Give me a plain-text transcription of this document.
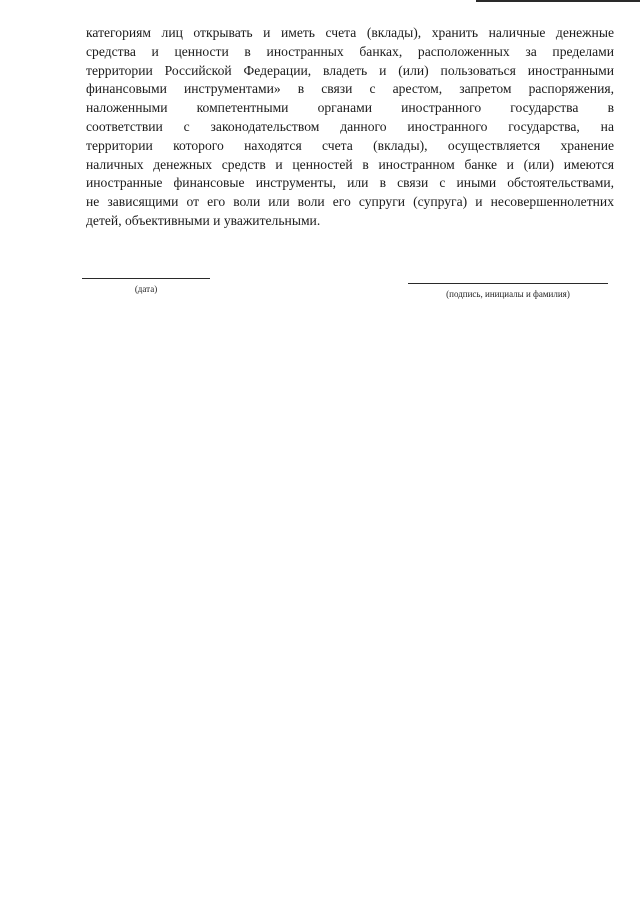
категориям лиц открывать и иметь счета (вклады), хранить наличные денежные
средства и ценности в иностранных банках, расположенных за пределами
территории Российской Федерации, владеть и (или) пользоваться иностранными
финансовыми инструментами» в связи с арестом, запретом распоряжения,
наложенными компетентными органами иностранного государства в
соответствии с законодательством данного иностранного государства, на
территории которого находятся счета (вклады), осуществляется хранение
наличных денежных средств и ценностей в иностранном банке и (или) имеются
иностранные финансовые инструменты, или в связи с иными обстоятельствами,
не зависящими от его воли или воли его супруги (супруга) и несовершеннолетних
детей, объективными и уважительными.
(дата)	(подпись, инициалы и фамилия)
